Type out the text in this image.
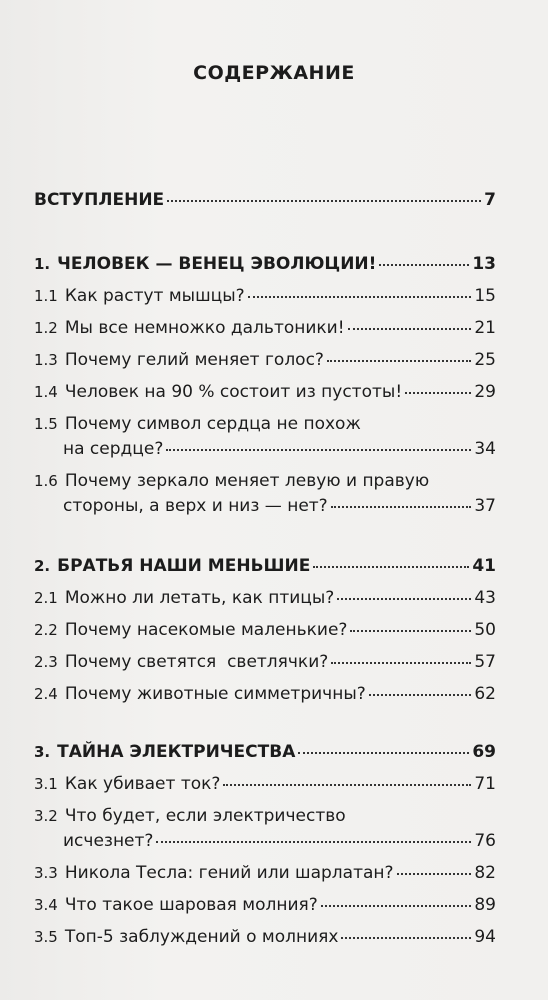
СОДЕРЖАНИЕ
ВСТУПЛЕНИЕ	7
1. ЧЕЛОВЕК — ВЕНЕЦ ЭВОЛЮЦИИ!	13
1.1 Как растут мышцы?	15
1.2 Мы все немножко дальтоники!	21
1.3 Почему гелий меняет голос?	25
1.4 Человек на 90 % состоит из пустоты!	29
1.5 Почему символ сердца не похож
на сердце?	34
1.6 Почему зеркало меняет левую и правую
стороны, а верх и низ — нет?	37
2. БРАТЬЯ НАШИ МЕНЬШИЕ	41
2.1 Можно ли летать, как птицы?	43
2.2 Почему насекомые маленькие?	50
2.3 Почему светятся  светлячки?	57
2.4 Почему животные симметричны?	62
3. ТАЙНА ЭЛЕКТРИЧЕСТВА	69
3.1 Как убивает ток?	71
3.2 Что будет, если электричество
исчезнет?	76
3.3 Никола Тесла: гений или шарлатан?	82
3.4 Что такое шаровая молния?	89
3.5 Топ-5 заблуждений о молниях	94
